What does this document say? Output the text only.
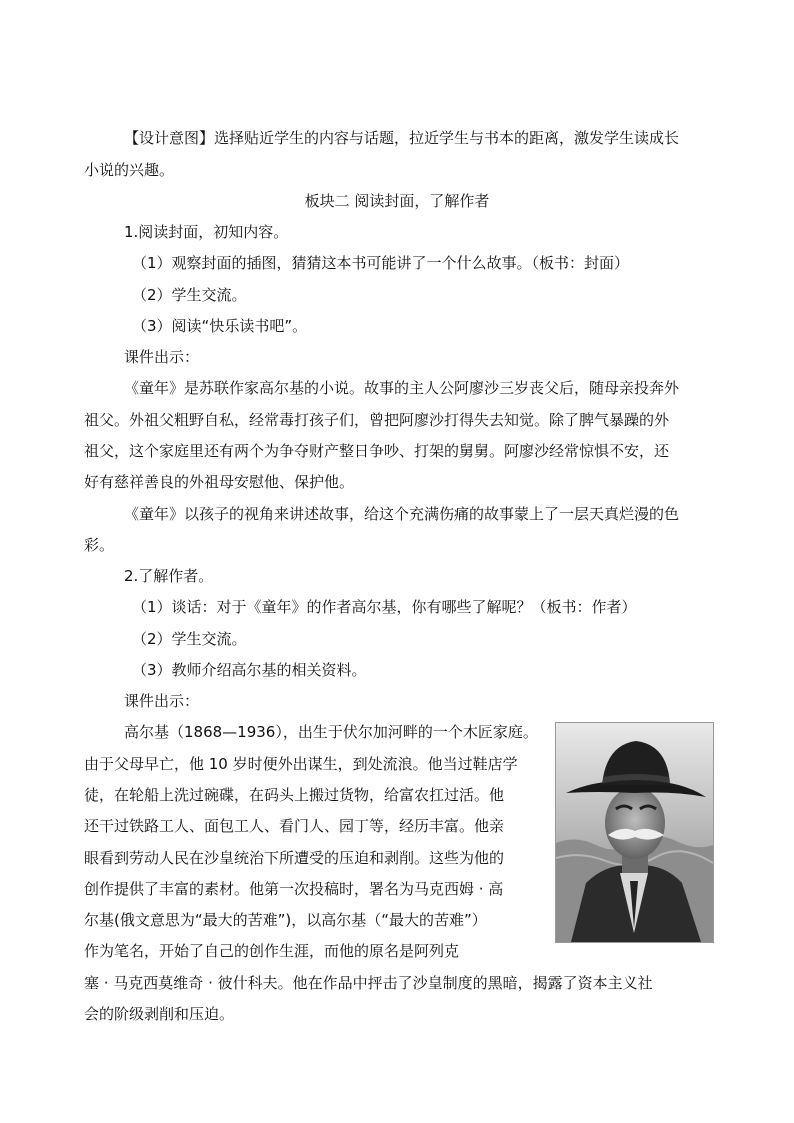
【设计意图】选择贴近学生的内容与话题，拉近学生与书本的距离，激发学生读成长
小说的兴趣。
板块二 阅读封面，了解作者
1.阅读封面，初知内容。
（1）观察封面的插图，猜猜这本书可能讲了一个什么故事。（板书：封面）
（2）学生交流。
（3）阅读“快乐读书吧”。
课件出示：
《童年》是苏联作家高尔基的小说。故事的主人公阿廖沙三岁丧父后，随母亲投奔外
祖父。外祖父粗野自私，经常毒打孩子们，曾把阿廖沙打得失去知觉。除了脾气暴躁的外
祖父，这个家庭里还有两个为争夺财产整日争吵、打架的舅舅。阿廖沙经常惊惧不安，还
好有慈祥善良的外祖母安慰他、保护他。
《童年》以孩子的视角来讲述故事，给这个充满伤痛的故事蒙上了一层天真烂漫的色
彩。
2.了解作者。
（1）谈话：对于《童年》的作者高尔基，你有哪些了解呢？（板书：作者）
（2）学生交流。
（3）教师介绍高尔基的相关资料。
课件出示：
高尔基（1868—1936），出生于伏尔加河畔的一个木匠家庭。
由于父母早亡，他 10 岁时便外出谋生，到处流浪。他当过鞋店学
徒，在轮船上洗过碗碟，在码头上搬过货物，给富农扛过活。他
还干过铁路工人、面包工人、看门人、园丁等，经历丰富。他亲
眼看到劳动人民在沙皇统治下所遭受的压迫和剥削。这些为他的
创作提供了丰富的素材。他第一次投稿时，署名为马克西姆 · 高
尔基(俄文意思为“最大的苦难”)，以高尔基（“最大的苦难”）
作为笔名，开始了自己的创作生涯，而他的原名是阿列克
塞 · 马克西莫维奇 · 彼什科夫。他在作品中抨击了沙皇制度的黑暗，揭露了资本主义社
会的阶级剥削和压迫。
